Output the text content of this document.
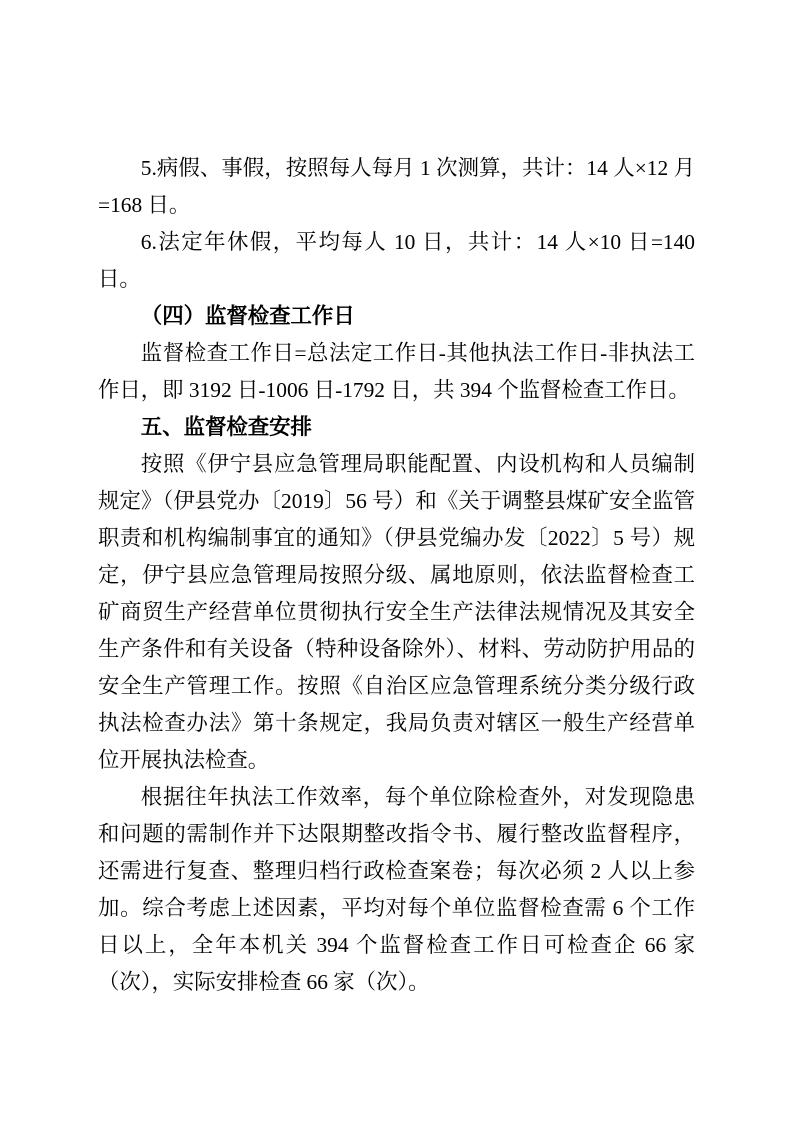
5.病假、事假，按照每人每月 1 次测算，共计：14 人×12 月=168 日。

6.法定年休假，平均每人 10 日，共计：14 人×10 日=140 日。

（四）监督检查工作日

监督检查工作日=总法定工作日-其他执法工作日-非执法工作日，即 3192 日-1006 日-1792 日，共 394 个监督检查工作日。

五、监督检查安排

按照《伊宁县应急管理局职能配置、内设机构和人员编制规定》（伊县党办〔2019〕56 号）和《关于调整县煤矿安全监管职责和机构编制事宜的通知》（伊县党编办发〔2022〕5 号）规定，伊宁县应急管理局按照分级、属地原则，依法监督检查工矿商贸生产经营单位贯彻执行安全生产法律法规情况及其安全生产条件和有关设备（特种设备除外）、材料、劳动防护用品的安全生产管理工作。按照《自治区应急管理系统分类分级行政执法检查办法》第十条规定，我局负责对辖区一般生产经营单位开展执法检查。

根据往年执法工作效率，每个单位除检查外，对发现隐患和问题的需制作并下达限期整改指令书、履行整改监督程序，还需进行复查、整理归档行政检查案卷；每次必须 2 人以上参加。综合考虑上述因素，平均对每个单位监督检查需 6 个工作日以上，全年本机关 394 个监督检查工作日可检查企 66 家（次），实际安排检查 66 家（次）。
